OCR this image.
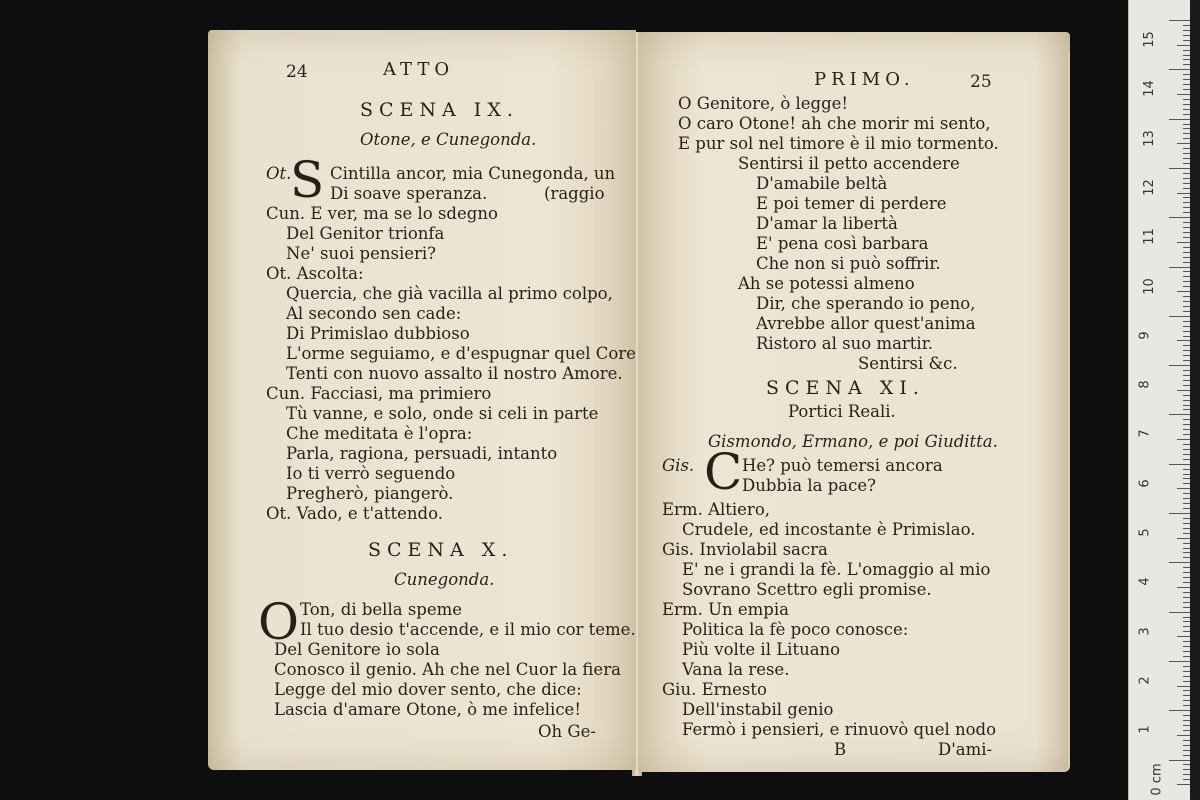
24	ATTO
SCENA IX.
Otone, e Cunegonda.
Ot.
S Cintilla ancor, mia Cunegonda, un
Di soave speranza.	(raggio
Cun. E ver, ma se lo sdegno
Del Genitor trionfa
Ne' suoi pensieri?
Ot. Ascolta:
Quercia, che già vacilla al primo colpo,
Al secondo sen cade:
Di Primislao dubbioso
L'orme seguiamo, e d'espugnar quel Core
Tenti con nuovo assalto il nostro Amore.
Cun. Facciasi, ma primiero
Tù vanne, e solo, onde si celi in parte
Che meditata è l'opra:
Parla, ragiona, persuadi, intanto
Io ti verrò seguendo
Pregherò, piangerò.
Ot. Vado, e t'attendo.
SCENA X.
Cunegonda.
O Ton, di bella speme
Il tuo desio t'accende, e il mio cor teme.
Del Genitore io sola
Conosco il genio. Ah che nel Cuor la fiera
Legge del mio dover sento, che dice:
Lascia d'amare Otone, ò me infelice!
Oh Ge-
PRIMO.	25
O Genitore, ò legge!
O caro Otone! ah che morir mi sento,
E pur sol nel timore è il mio tormento.
Sentirsi il petto accendere
D'amabile beltà
E poi temer di perdere
D'amar la libertà
E' pena così barbara
Che non si può soffrir.
Ah se potessi almeno
Dir, che sperando io peno,
Avrebbe allor quest'anima
Ristoro al suo martir.
Sentirsi &c.
SCENA XI.
Portici Reali.
Gismondo, Ermano, e poi Giuditta.
Gis. C He? può temersi ancora
Dubbia la pace?
Erm. Altiero,
Crudele, ed incostante è Primislao.
Gis. Inviolabil sacra
E' ne i grandi la fè. L'omaggio al mio
Sovrano Scettro egli promise.
Erm. Un empia
Politica la fè poco conosce:
Più volte il Lituano
Vana la rese.
Giu. Ernesto
Dell'instabil genio
Fermò i pensieri, e rinuovò quel nodo
B	D'ami-
15
14
13
12
11
10
9
8
7
6
5
4
3
2
1
0 cm
